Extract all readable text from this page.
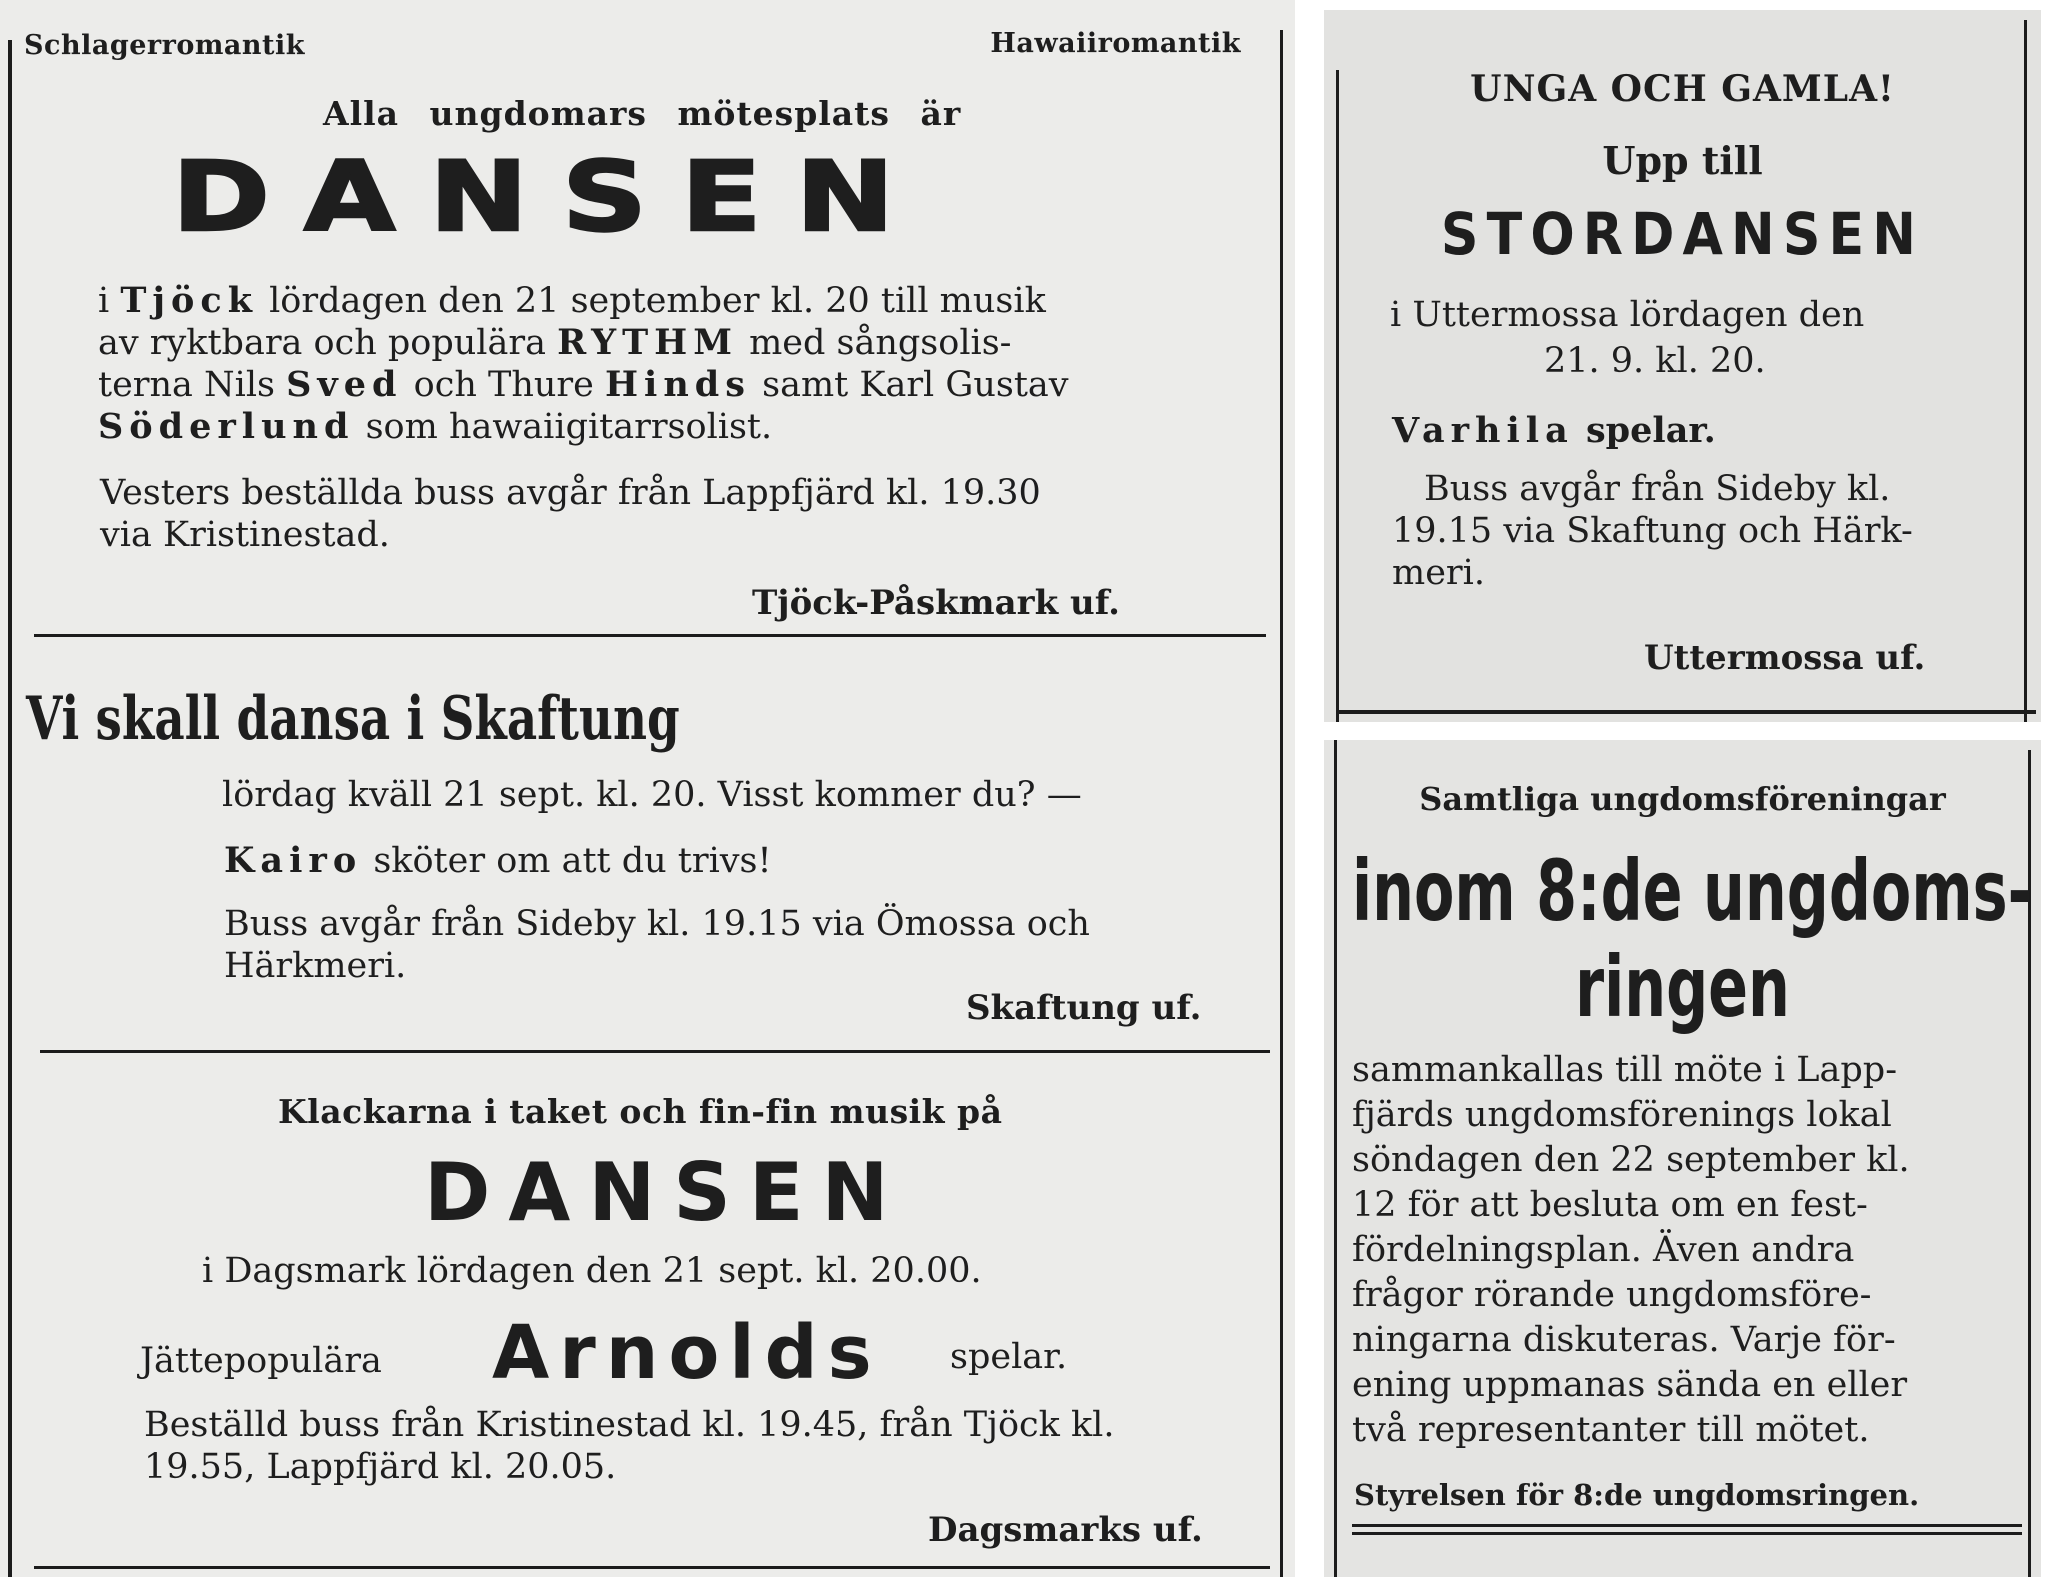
Schlagerromantik	Hawaiiromantik
Alla ungdomars mötesplats är
DANSEN

i Tjöck lördagen den 21 september kl. 20 till musik

av ryktbara och populära RYTHM med sångsolis-

terna Nils Sved och Thure Hinds samt Karl Gustav

Söderlund som hawaiigitarrsolist.

Vesters beställda buss avgår från Lappfjärd kl. 19.30

via Kristinestad.

Tjöck-Påskmark uf.
Vi skall dansa i Skaftung
lördag kväll 21 sept. kl. 20. Visst kommer du? —
Kairo sköter om att du trivs!

Buss avgår från Sideby kl. 19.15 via Ömossa och

Härkmeri.

Skaftung uf.
Klackarna i taket och fin-fin musik på
DANSEN
i Dagsmark lördagen den 21 sept. kl. 20.00.
Jättepopulära Arnolds spelar.

Beställd buss från Kristinestad kl. 19.45, från Tjöck kl.

19.55, Lappfjärd kl. 20.05.

Dagsmarks uf.
UNGA OCH GAMLA!
Upp till
STORDANSEN
i Uttermossa lördagen den
21. 9. kl. 20.
Varhila spelar.

Buss avgår från Sideby kl.

19.15 via Skaftung och Härk-

meri.

Uttermossa uf.
Samtliga ungdomsföreningar
inom 8:de ungdoms-
ringen

sammankallas till möte i Lapp-

fjärds ungdomsförenings lokal

söndagen den 22 september kl.

12 för att besluta om en fest-

fördelningsplan. Även andra

frågor rörande ungdomsföre-

ningarna diskuteras. Varje för-

ening uppmanas sända en eller

två representanter till mötet.

Styrelsen för 8:de ungdomsringen.
